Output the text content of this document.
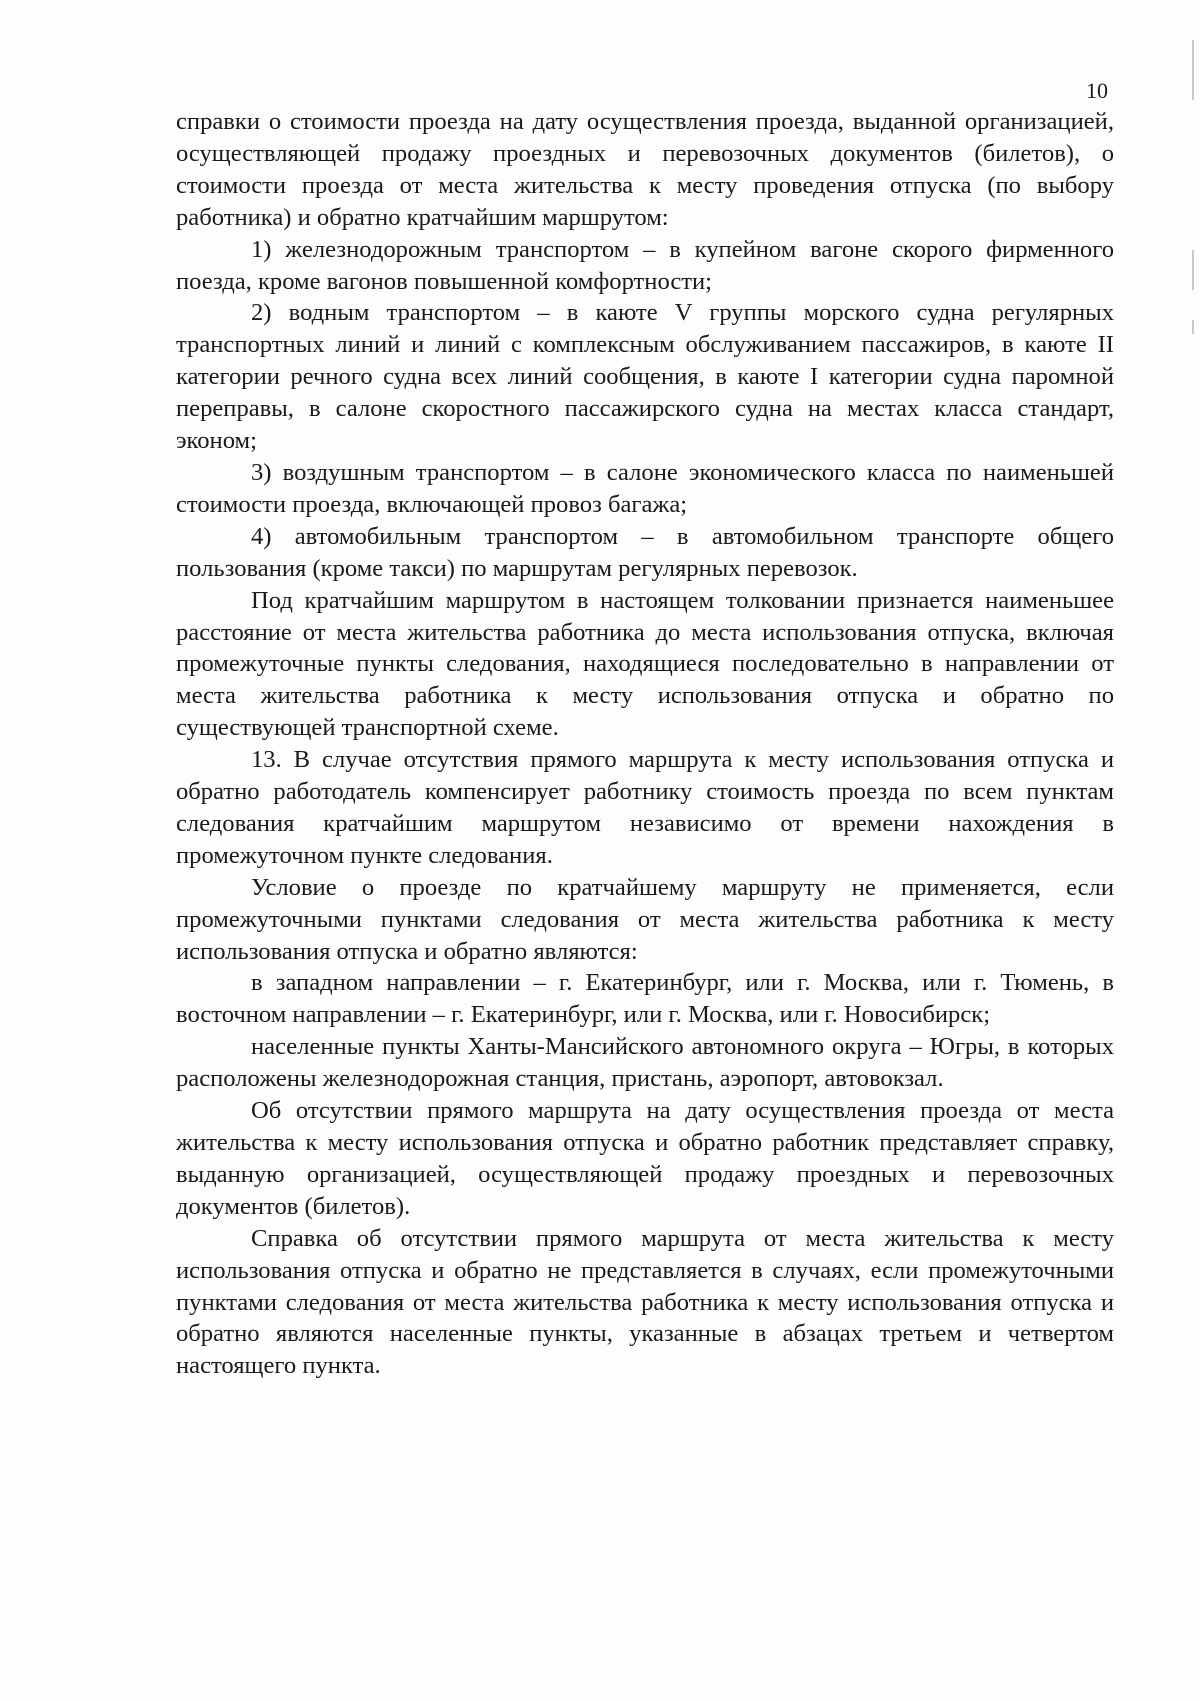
10

справки о стоимости проезда на дату осуществления проезда, выданной организацией, осуществляющей продажу проездных и перевозочных документов (билетов), о стоимости проезда от места жительства к месту проведения отпуска (по выбору работника) и обратно кратчайшим маршрутом:

1) железнодорожным транспортом – в купейном вагоне скорого фирменного поезда, кроме вагонов повышенной комфортности;

2) водным транспортом – в каюте V группы морского судна регулярных транспортных линий и линий с комплексным обслуживанием пассажиров, в каюте II категории речного судна всех линий сообщения, в каюте I категории судна паромной переправы, в салоне скоростного пассажирского судна на местах класса стандарт, эконом;

3) воздушным транспортом – в салоне экономического класса по наименьшей стоимости проезда, включающей провоз багажа;

4) автомобильным транспортом – в автомобильном транспорте общего пользования (кроме такси) по маршрутам регулярных перевозок.

Под кратчайшим маршрутом в настоящем толковании признается наименьшее расстояние от места жительства работника до места использования отпуска, включая промежуточные пункты следования, находящиеся последовательно в направлении от места жительства работника к месту использования отпуска и обратно по существующей транспортной схеме.

13. В случае отсутствия прямого маршрута к месту использования отпуска и обратно работодатель компенсирует работнику стоимость проезда по всем пунктам следования кратчайшим маршрутом независимо от времени нахождения в промежуточном пункте следования.

Условие о проезде по кратчайшему маршруту не применяется, если промежуточными пунктами следования от места жительства работника к месту использования отпуска и обратно являются:

в западном направлении – г. Екатеринбург, или г. Москва, или г. Тюмень, в восточном направлении – г. Екатеринбург, или г. Москва, или г. Новосибирск;

населенные пункты Ханты-Мансийского автономного округа – Югры, в которых расположены железнодорожная станция, пристань, аэропорт, автовокзал.

Об отсутствии прямого маршрута на дату осуществления проезда от места жительства к месту использования отпуска и обратно работник представляет справку, выданную организацией, осуществляющей продажу проездных и перевозочных документов (билетов).

Справка об отсутствии прямого маршрута от места жительства к месту использования отпуска и обратно не представляется в случаях, если промежуточными пунктами следования от места жительства работника к месту использования отпуска и обратно являются населенные пункты, указанные в абзацах третьем и четвертом настоящего пункта.
